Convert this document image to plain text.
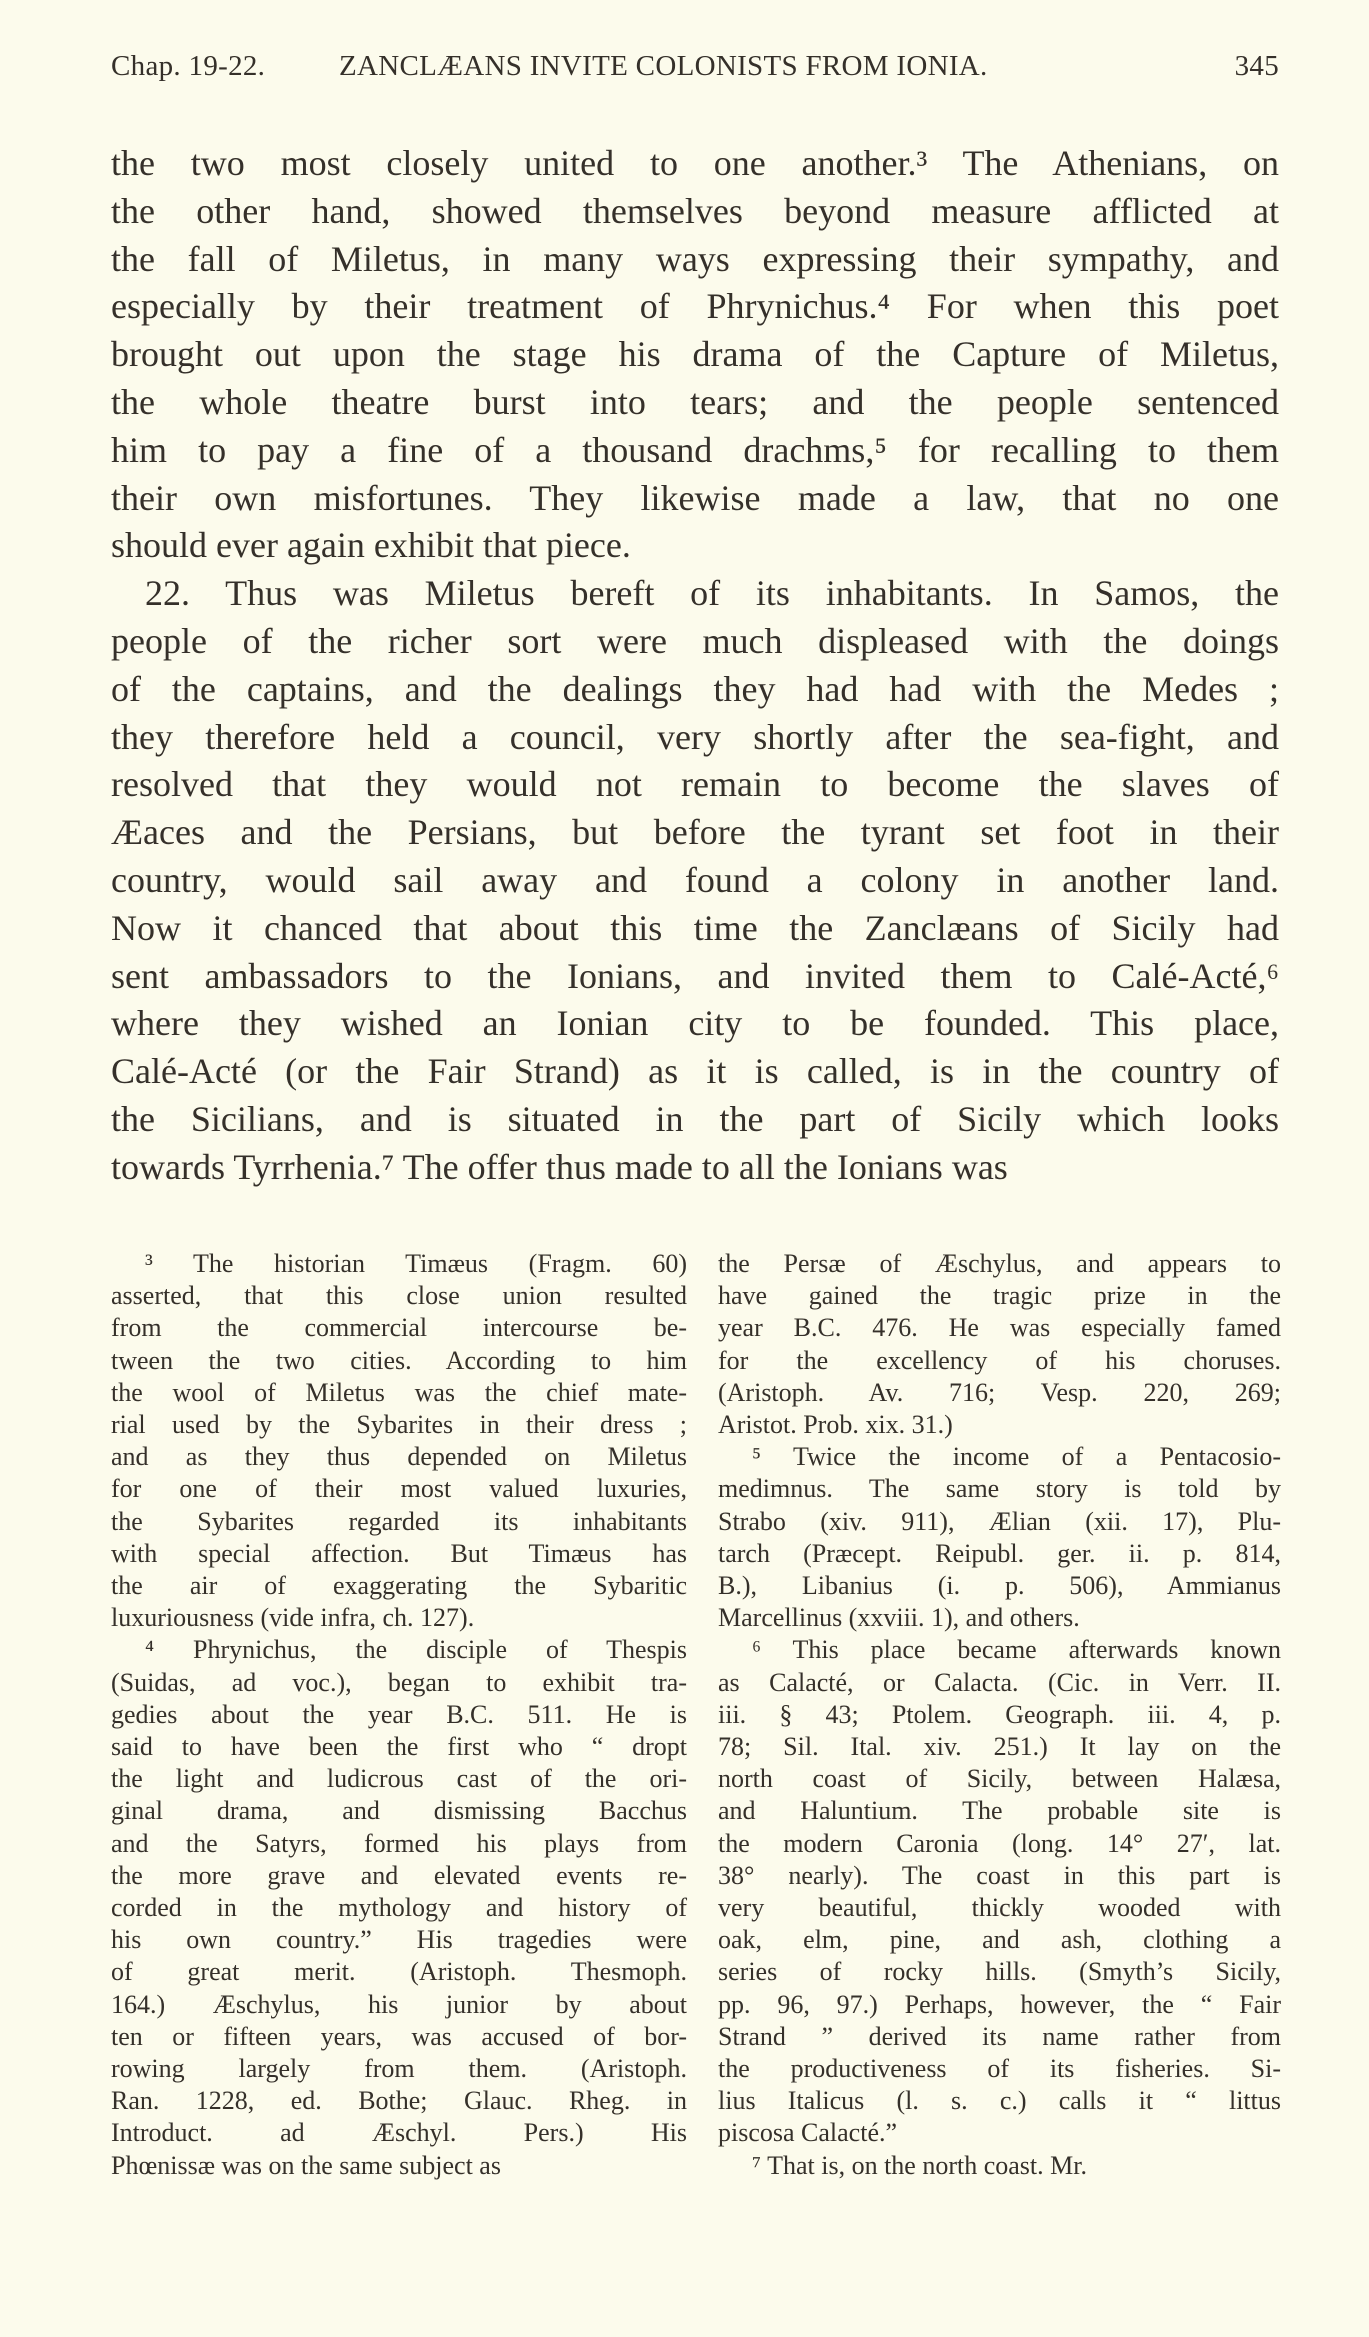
Chap. 19-22.	ZANCLÆANS INVITE COLONISTS FROM IONIA.	345
the two most closely united to one another.³ The Athenians, on
the other hand, showed themselves beyond measure afflicted at
the fall of Miletus, in many ways expressing their sympathy, and
especially by their treatment of Phrynichus.⁴ For when this poet
brought out upon the stage his drama of the Capture of Miletus,
the whole theatre burst into tears; and the people sentenced
him to pay a fine of a thousand drachms,⁵ for recalling to them
their own misfortunes. They likewise made a law, that no one
should ever again exhibit that piece.
22. Thus was Miletus bereft of its inhabitants. In Samos, the
people of the richer sort were much displeased with the doings
of the captains, and the dealings they had had with the Medes ;
they therefore held a council, very shortly after the sea-fight, and
resolved that they would not remain to become the slaves of
Æaces and the Persians, but before the tyrant set foot in their
country, would sail away and found a colony in another land.
Now it chanced that about this time the Zanclæans of Sicily had
sent ambassadors to the Ionians, and invited them to Calé-Acté,⁶
where they wished an Ionian city to be founded. This place,
Calé-Acté (or the Fair Strand) as it is called, is in the country of
the Sicilians, and is situated in the part of Sicily which looks
towards Tyrrhenia.⁷ The offer thus made to all the Ionians was
³ The historian Timæus (Fragm. 60)
asserted, that this close union resulted
from the commercial intercourse be-
tween the two cities. According to him
the wool of Miletus was the chief mate-
rial used by the Sybarites in their dress ;
and as they thus depended on Miletus
for one of their most valued luxuries,
the Sybarites regarded its inhabitants
with special affection. But Timæus has
the air of exaggerating the Sybaritic
luxuriousness (vide infra, ch. 127).
⁴ Phrynichus, the disciple of Thespis
(Suidas, ad voc.), began to exhibit tra-
gedies about the year B.C. 511. He is
said to have been the first who “ dropt
the light and ludicrous cast of the ori-
ginal drama, and dismissing Bacchus
and the Satyrs, formed his plays from
the more grave and elevated events re-
corded in the mythology and history of
his own country.” His tragedies were
of great merit. (Aristoph. Thesmoph.
164.) Æschylus, his junior by about
ten or fifteen years, was accused of bor-
rowing largely from them. (Aristoph.
Ran. 1228, ed. Bothe; Glauc. Rheg. in
Introduct. ad Æschyl. Pers.) His
Phœnissæ was on the same subject as
the Persæ of Æschylus, and appears to
have gained the tragic prize in the
year B.C. 476. He was especially famed
for the excellency of his choruses.
(Aristoph. Av. 716; Vesp. 220, 269;
Aristot. Prob. xix. 31.)
⁵ Twice the income of a Pentacosio-
medimnus. The same story is told by
Strabo (xiv. 911), Ælian (xii. 17), Plu-
tarch (Præcept. Reipubl. ger. ii. p. 814,
B.), Libanius (i. p. 506), Ammianus
Marcellinus (xxviii. 1), and others.
⁶ This place became afterwards known
as Calacté, or Calacta. (Cic. in Verr. II.
iii. § 43; Ptolem. Geograph. iii. 4, p.
78; Sil. Ital. xiv. 251.) It lay on the
north coast of Sicily, between Halæsa,
and Haluntium. The probable site is
the modern Caronia (long. 14° 27′, lat.
38° nearly). The coast in this part is
very beautiful, thickly wooded with
oak, elm, pine, and ash, clothing a
series of rocky hills. (Smyth’s Sicily,
pp. 96, 97.) Perhaps, however, the “ Fair
Strand ” derived its name rather from
the productiveness of its fisheries. Si-
lius Italicus (l. s. c.) calls it “ littus
piscosa Calacté.”
⁷ That is, on the north coast. Mr.
